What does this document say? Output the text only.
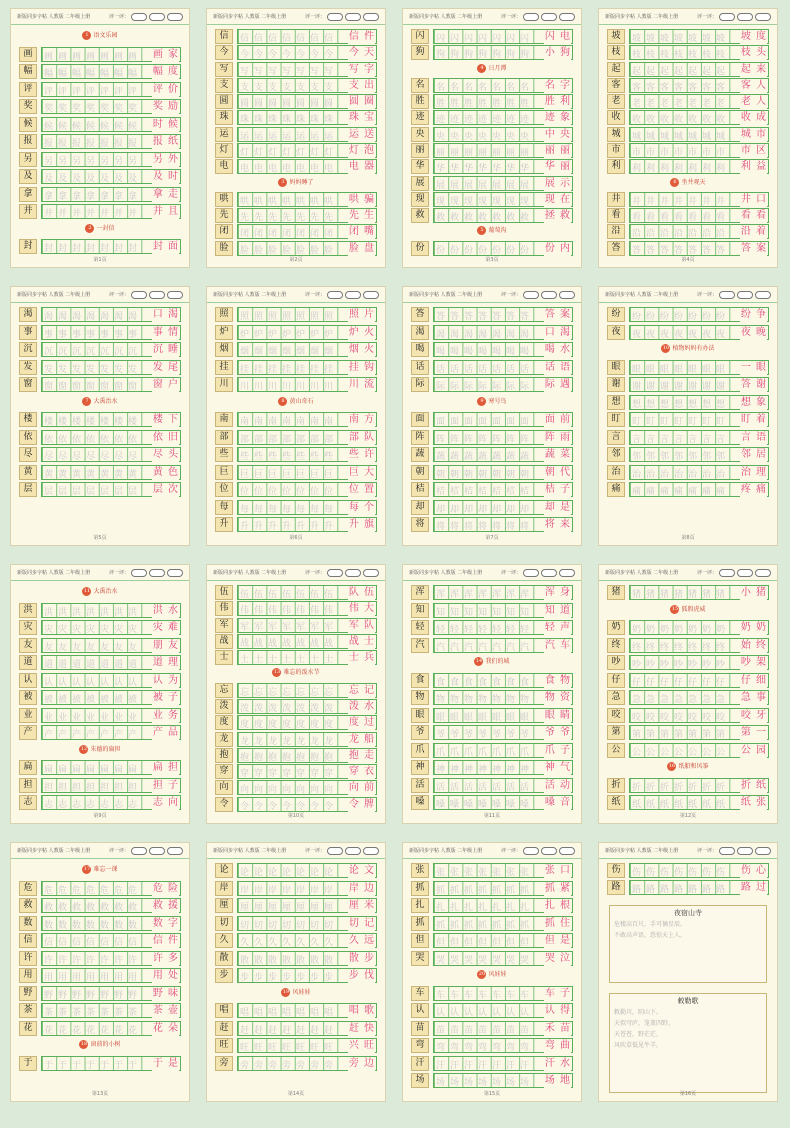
新版同步字帖 人教版 二年级上册	评一评：
1 语文乐园
画	画画画画画画画 画 家
幅	幅幅幅幅幅幅幅 幅 度
评	评评评评评评评 评 价
奖	奖奖奖奖奖奖奖 奖 励
候	候候候候候候候 时 候
报	报报报报报报报 报 纸
另	另另另另另另另 另 外
及	及及及及及及及 及 时
拿	拿拿拿拿拿拿拿 拿 走
并	并并并并并并并 并 且
2 一封信
封	封封封封封封封 封 面
第1页
新版同步字帖 人教版 二年级上册	评一评：
信	信信信信信信信 信 件
今	今今今今今今今 今 天
写	写写写写写写写 写 字
支	支支支支支支支 支 出
圆	圆圆圆圆圆圆圆 圆 圈
珠	珠珠珠珠珠珠珠 珠 宝
运	运运运运运运运 运 送
灯	灯灯灯灯灯灯灯 灯 泡
电	电电电电电电电 电 器
3 妈妈睡了
哄	哄哄哄哄哄哄哄 哄 骗
先	先先先先先先先 先 生
闭	闭闭闭闭闭闭闭 闭 嘴
脸	脸脸脸脸脸脸脸 脸 盘
第2页
新版同步字帖 人教版 二年级上册	评一评：
闪	闪闪闪闪闪闪闪 闪 电
狗	狗狗狗狗狗狗狗 小 狗
4 日月潭
名	名名名名名名名 名 字
胜	胜胜胜胜胜胜胜 胜 利
迹	迹迹迹迹迹迹迹 迹 象
央	央央央央央央央 中 央
丽	丽丽丽丽丽丽丽 丽 丽
华	华华华华华华华 华 丽
展	展展展展展展展 展 示
现	现现现现现现现 现 在
救	救救救救救救救 拯 救
5 葡萄沟
份	份份份份份份份 份 内
第3页
新版同步字帖 人教版 二年级上册	评一评：
坡	坡坡坡坡坡坡坡 坡 度
枝	枝枝枝枝枝枝枝 枝 头
起	起起起起起起起 起 来
客	客客客客客客客 客 人
老	老老老老老老老 老 人
收	收收收收收收收 收 成
城	城城城城城城城 城 市
市	市市市市市市市 市 区
利	利利利利利利利 利 益
6 坐井观天
井	井井井井井井井 井 口
看	看看看看看看看 看 看
沿	沿沿沿沿沿沿沿 沿 着
答	答答答答答答答 答 案
第4页
新版同步字帖 人教版 二年级上册	评一评：
渴	渴渴渴渴渴渴渴 口 渴
事	事事事事事事事 事 情
沉	沉沉沉沉沉沉沉 沉 睡
发	发发发发发发发 发 尾
窗	窗窗窗窗窗窗窗 窗 户
7 大禹治水
楼	楼楼楼楼楼楼楼 楼 下
依	依依依依依依依 依 旧
尽	尽尽尽尽尽尽尽 尽 头
黄	黄黄黄黄黄黄黄 黄 色
层	层层层层层层层 层 次
第5页
新版同步字帖 人教版 二年级上册	评一评：
照	照照照照照照照 照 片
炉	炉炉炉炉炉炉炉 炉 火
烟	烟烟烟烟烟烟烟 烟 火
挂	挂挂挂挂挂挂挂 挂 钩
川	川川川川川川川 川 流
8 黄山奇石
南	南南南南南南南 南 方
部	部部部部部部部 部 队
些	些些些些些些些 些 许
巨	巨巨巨巨巨巨巨 巨 大
位	位位位位位位位 位 置
每	每每每每每每每 每 个
升	升升升升升升升 升 旗
第6页
新版同步字帖 人教版 二年级上册	评一评：
答	答答答答答答答 答 案
渴	渴渴渴渴渴渴渴 口 渴
喝	喝喝喝喝喝喝喝 喝 水
话	话话话话话话话 话 语
际	际际际际际际际 际 遇
9 寒号鸟
面	面面面面面面面 面 前
阵	阵阵阵阵阵阵阵 阵 雨
蔬	蔬蔬蔬蔬蔬蔬蔬 蔬 菜
朝	朝朝朝朝朝朝朝 朝 代
桔	桔桔桔桔桔桔桔 桔 子
却	却却却却却却却 却 是
将	将将将将将将将 将 来
第7页
新版同步字帖 人教版 二年级上册	评一评：
纷	纷纷纷纷纷纷纷 纷 争
夜	夜夜夜夜夜夜夜 夜 晚
10 植物妈妈有办法
眼	眼眼眼眼眼眼眼 一 眼
谢	谢谢谢谢谢谢谢 答 谢
想	想想想想想想想 想 象
盯	盯盯盯盯盯盯盯 盯 着
言	言言言言言言言 言 语
邻	邻邻邻邻邻邻邻 邻 居
治	治治治治治治治 治 理
痛	痛痛痛痛痛痛痛 疼 痛
第8页
新版同步字帖 人教版 二年级上册	评一评：
11 大禹治水
洪	洪洪洪洪洪洪洪 洪 水
灾	灾灾灾灾灾灾灾 灾 难
友	友友友友友友友 朋 友
道	道道道道道道道 道 理
认	认认认认认认认 认 为
被	被被被被被被被 被 子
业	业业业业业业业 业 务
产	产产产产产产产 产 品
12 朱德的扁担
扁	扁扁扁扁扁扁扁 扁 担
担	担担担担担担担 担 子
志	志志志志志志志 志 向
第9页
新版同步字帖 人教版 二年级上册	评一评：
伍	伍伍伍伍伍伍伍 队 伍
伟	伟伟伟伟伟伟伟 伟 大
军	军军军军军军军 军 队
战	战战战战战战战 战 士
士	士士士士士士士 士 兵
13 难忘的泼水节
忘	忘忘忘忘忘忘忘 忘 记
泼	泼泼泼泼泼泼泼 泼 水
度	度度度度度度度 度 过
龙	龙龙龙龙龙龙龙 龙 船
抱	抱抱抱抱抱抱抱 抱 走
穿	穿穿穿穿穿穿穿 穿 衣
向	向向向向向向向 向 前
令	令令令令令令令 令 牌
第10页
新版同步字帖 人教版 二年级上册	评一评：
浑	浑浑浑浑浑浑浑 浑 身
知	知知知知知知知 知 道
轻	轻轻轻轻轻轻轻 轻 声
汽	汽汽汽汽汽汽汽 汽 车
14 我们的城
食	食食食食食食食 食 物
物	物物物物物物物 物 资
眼	眼眼眼眼眼眼眼 眼 睛
爷	爷爷爷爷爷爷爷 爷 爷
爪	爪爪爪爪爪爪爪 爪 子
神	神神神神神神神 神 气
活	活活活活活活活 活 动
嗓	嗓嗓嗓嗓嗓嗓嗓 嗓 音
第11页
新版同步字帖 人教版 二年级上册	评一评：
猪	猪猪猪猪猪猪猪 小 猪
15 狐假虎威
奶	奶奶奶奶奶奶奶 奶 奶
终	终终终终终终终 始 终
吵	吵吵吵吵吵吵吵 吵 架
仔	仔仔仔仔仔仔仔 仔 细
急	急急急急急急急 急 事
咬	咬咬咬咬咬咬咬 咬 牙
第	第第第第第第第 第 一
公	公公公公公公公 公 园
16 纸船和风筝
折	折折折折折折折 折 纸
纸	纸纸纸纸纸纸纸 纸 张
第12页
新版同步字帖 人教版 二年级上册	评一评：
17 难忘一课
危	危危危危危危危 危 险
救	救救救救救救救 救 援
数	数数数数数数数 数 字
信	信信信信信信信 信 件
许	许许许许许许许 许 多
用	用用用用用用用 用 处
野	野野野野野野野 野 味
茶	茶茶茶茶茶茶茶 茶 壶
花	花花花花花花花 花 朵
18 窗前的小树
于	于于于于于于于 于 是
第13页
新版同步字帖 人教版 二年级上册	评一评：
论	论论论论论论论 论 文
岸	岸岸岸岸岸岸岸 岸 边
厘	厘厘厘厘厘厘厘 厘 米
切	切切切切切切切 切 记
久	久久久久久久久 久 远
散	散散散散散散散 散 步
步	步步步步步步步 步 伐
19 风娃娃
唱	唱唱唱唱唱唱唱 唱 歌
赶	赶赶赶赶赶赶赶 赶 快
旺	旺旺旺旺旺旺旺 兴 旺
旁	旁旁旁旁旁旁旁 旁 边
第14页
新版同步字帖 人教版 二年级上册	评一评：
张	张张张张张张张 张 口
抓	抓抓抓抓抓抓抓 抓 紧
扎	扎扎扎扎扎扎扎 扎 根
抓	抓抓抓抓抓抓抓 抓 住
但	但但但但但但但 但 是
哭	哭哭哭哭哭哭哭 哭 泣
20 风娃娃
车	车车车车车车车 车 子
认	认认认认认认认 认 得
苗	苗苗苗苗苗苗苗 禾 苗
弯	弯弯弯弯弯弯弯 弯 曲
汗	汗汗汗汗汗汗汗 汗 水
场	场场场场场场场 场 地
第15页
新版同步字帖 人教版 二年级上册	评一评：
伤	伤伤伤伤伤伤伤 伤 心
路	路路路路路路路 路 过
夜宿山寺
危楼高百尺，手可摘星辰。
不敢高声语，恐惊天上人。
敕勒歌
敕勒川，阴山下。
天似穹庐，笼盖四野。
天苍苍，野茫茫，
风吹草低见牛羊。
第16页
